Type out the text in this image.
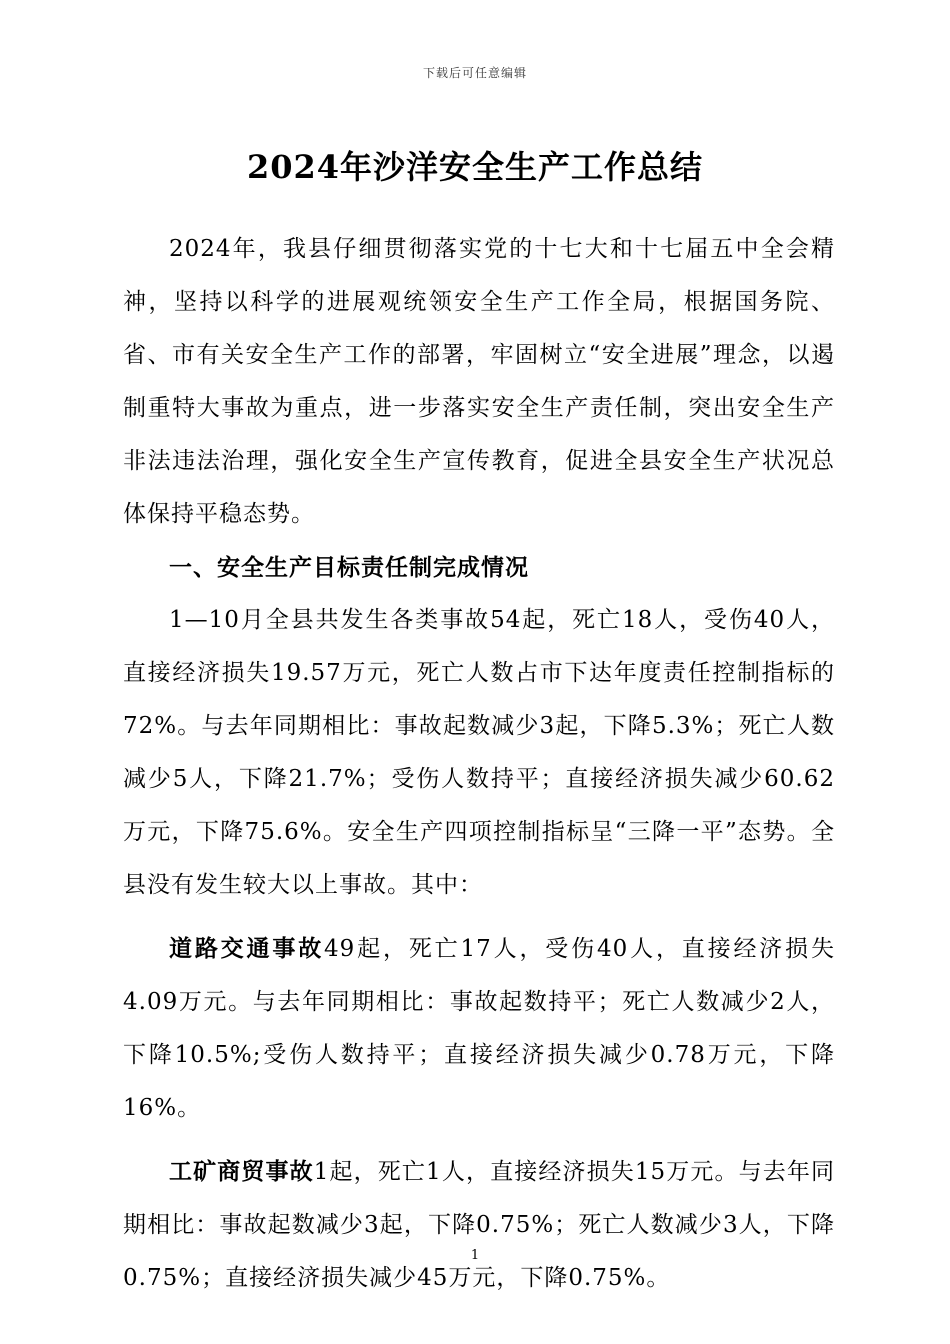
下载后可任意编辑
2024年沙洋安全生产工作总结

2024年，我县仔细贯彻落实党的十七大和十七届五中全会精神，坚持以科学的进展观统领安全生产工作全局，根据国务院、省、市有关安全生产工作的部署，牢固树立“安全进展”理念，以遏制重特大事故为重点，进一步落实安全生产责任制，突出安全生产非法违法治理，强化安全生产宣传教育，促进全县安全生产状况总体保持平稳态势。

一、安全生产目标责任制完成情况

1—10月全县共发生各类事故54起，死亡18人，受伤40人，直接经济损失19.57万元，死亡人数占市下达年度责任控制指标的72%。与去年同期相比：事故起数减少3起，下降5.3%；死亡人数减少5人，下降21.7%；受伤人数持平；直接经济损失减少60.62万元，下降75.6%。安全生产四项控制指标呈“三降一平”态势。全县没有发生较大以上事故。其中：

道路交通事故49起，死亡17人，受伤40人，直接经济损失4.09万元。与去年同期相比：事故起数持平；死亡人数减少2人，下降10.5%;受伤人数持平；直接经济损失减少0.78万元，下降16%。

工矿商贸事故1起，死亡1人，直接经济损失15万元。与去年同期相比：事故起数减少3起，下降0.75%；死亡人数减少3人，下降0.75%；直接经济损失减少45万元，下降0.75%。

1
